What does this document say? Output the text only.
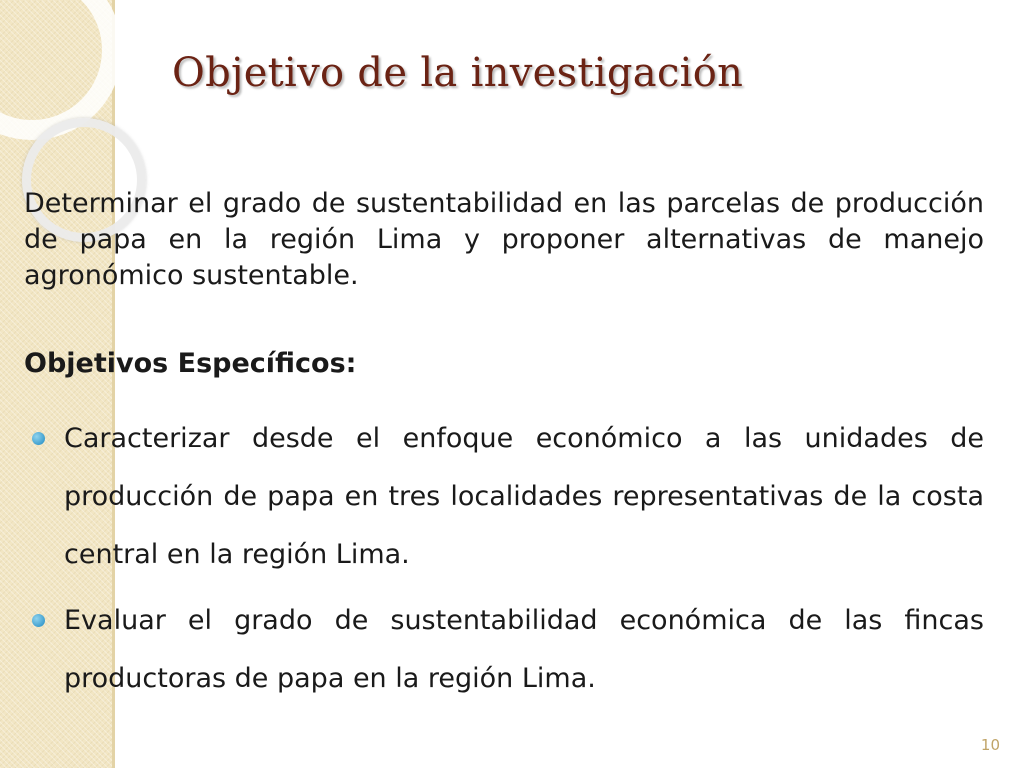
Objetivo de la investigación

Determinar el grado de sustentabilidad en las parcelas de producción de papa en la región Lima y proponer alternativas de manejo agronómico sustentable.

Objetivos Específicos:
Caracterizar desde el enfoque económico a las unidades de producción de papa en tres localidades representativas de la costa central en la región Lima.
Evaluar el grado de sustentabilidad económica de las fincas productoras de papa en la región Lima.
10
